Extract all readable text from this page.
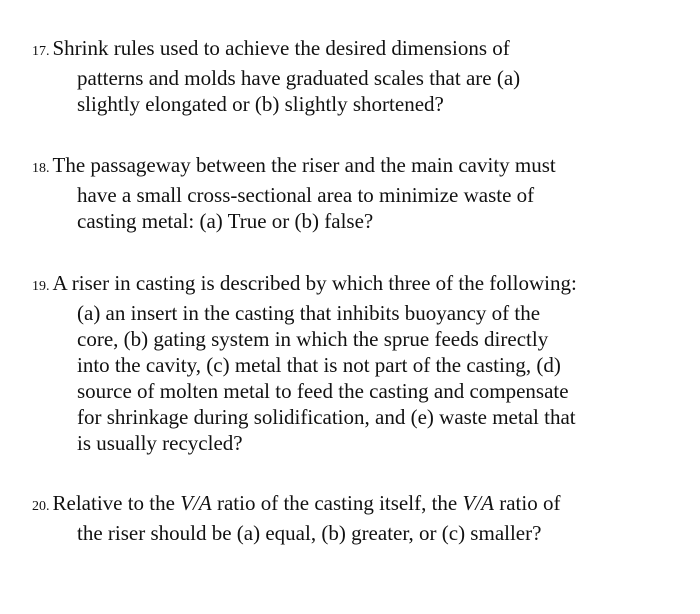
17. Shrink rules used to achieve the desired dimensions of
patterns and molds have graduated scales that are (a)
slightly elongated or (b) slightly shortened?
18. The passageway between the riser and the main cavity must
have a small cross-sectional area to minimize waste of
casting metal: (a) True or (b) false?
19. A riser in casting is described by which three of the following:
(a) an insert in the casting that inhibits buoyancy of the
core, (b) gating system in which the sprue feeds directly
into the cavity, (c) metal that is not part of the casting, (d)
source of molten metal to feed the casting and compensate
for shrinkage during solidification, and (e) waste metal that
is usually recycled?
20. Relative to the V/A ratio of the casting itself, the V/A ratio of
the riser should be (a) equal, (b) greater, or (c) smaller?
